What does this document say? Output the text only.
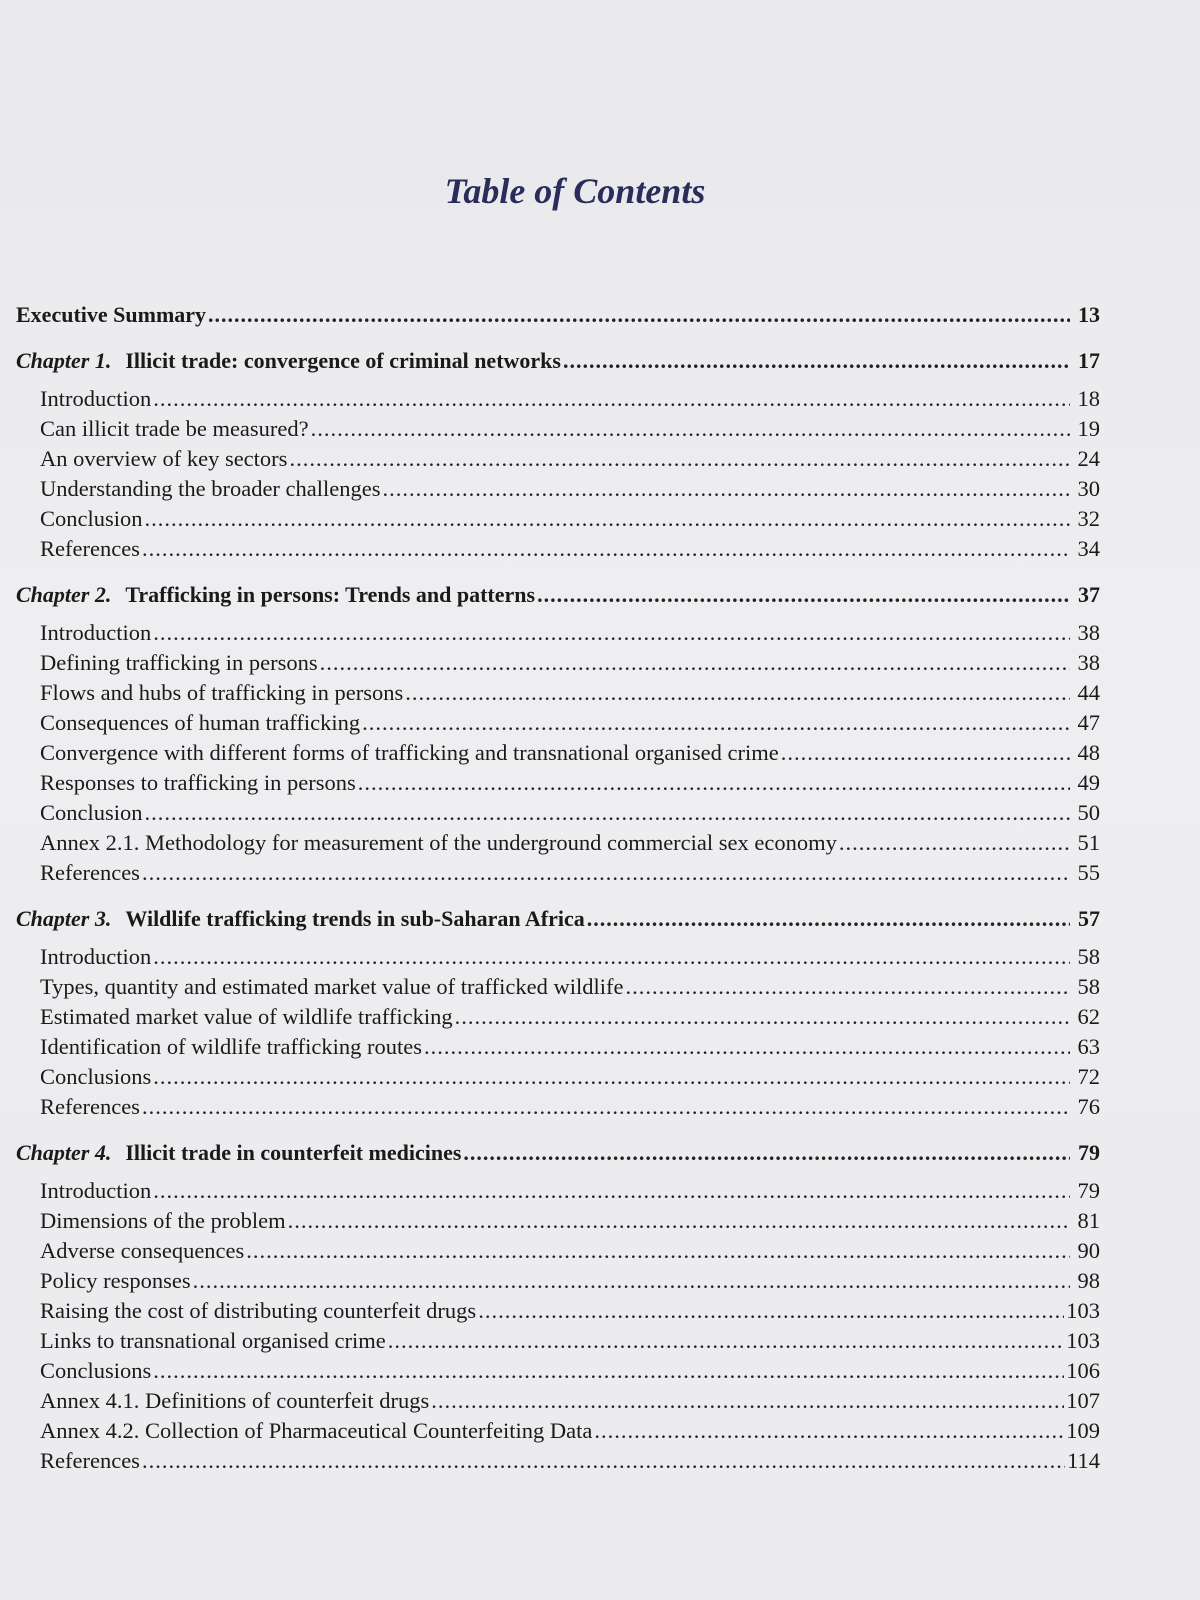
Table of Contents
Executive Summary .....	13
Chapter 1. Illicit trade: convergence of criminal networks .....	17
Introduction .....	18
Can illicit trade be measured? .....	19
An overview of key sectors .....	24
Understanding the broader challenges .....	30
Conclusion .....	32
References .....	34
Chapter 2. Trafficking in persons: Trends and patterns .....	37
Introduction .....	38
Defining trafficking in persons .....	38
Flows and hubs of trafficking in persons .....	44
Consequences of human trafficking .....	47
Convergence with different forms of trafficking and transnational organised crime .....	48
Responses to trafficking in persons .....	49
Conclusion .....	50
Annex 2.1. Methodology for measurement of the underground commercial sex economy .....	51
References .....	55
Chapter 3. Wildlife trafficking trends in sub-Saharan Africa .....	57
Introduction .....	58
Types, quantity and estimated market value of trafficked wildlife .....	58
Estimated market value of wildlife trafficking .....	62
Identification of wildlife trafficking routes .....	63
Conclusions .....	72
References .....	76
Chapter 4. Illicit trade in counterfeit medicines .....	79
Introduction .....	79
Dimensions of the problem .....	81
Adverse consequences .....	90
Policy responses .....	98
Raising the cost of distributing counterfeit drugs .....	103
Links to transnational organised crime .....	103
Conclusions .....	106
Annex 4.1. Definitions of counterfeit drugs .....	107
Annex 4.2. Collection of Pharmaceutical Counterfeiting Data .....	109
References .....	114
